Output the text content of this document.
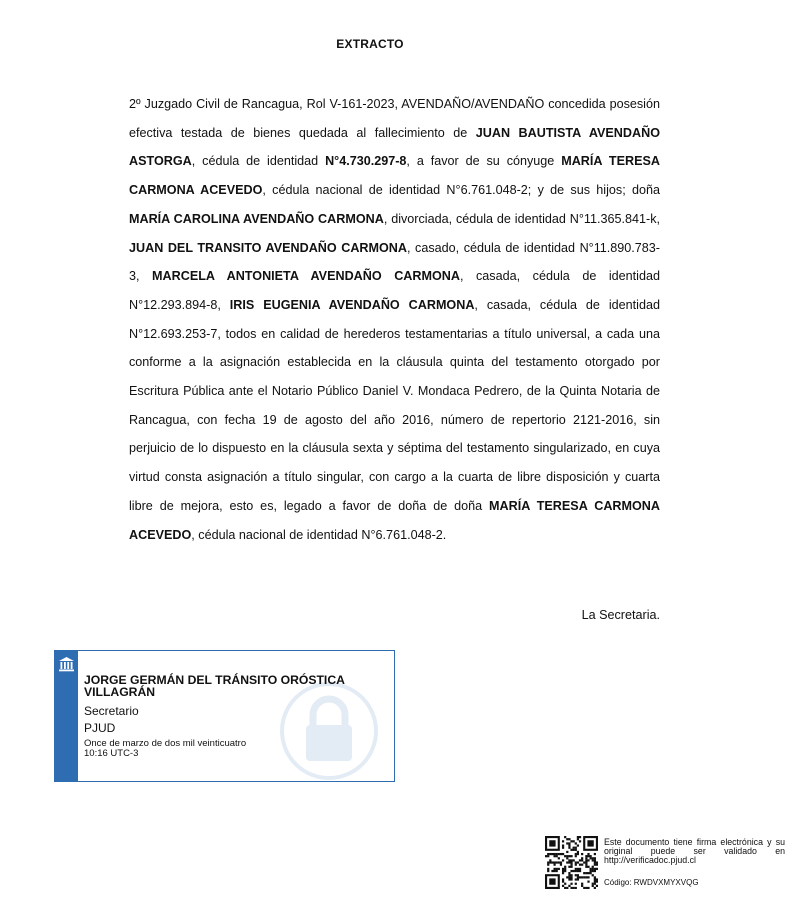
EXTRACTO
2º Juzgado Civil de Rancagua, Rol V-161-2023, AVENDAÑO/AVENDAÑO concedida posesión efectiva testada de bienes quedada al fallecimiento de JUAN BAUTISTA AVENDAÑO ASTORGA, cédula de identidad N°4.730.297-8, a favor de su cónyuge MARÍA TERESA CARMONA ACEVEDO, cédula nacional de identidad N°6.761.048-2; y de sus hijos; doña MARÍA CAROLINA AVENDAÑO CARMONA, divorciada, cédula de identidad N°11.365.841-k, JUAN DEL TRANSITO AVENDAÑO CARMONA, casado, cédula de identidad N°11.890.783-3, MARCELA ANTONIETA AVENDAÑO CARMONA, casada, cédula de identidad N°12.293.894-8, IRIS EUGENIA AVENDAÑO CARMONA, casada, cédula de identidad N°12.693.253-7, todos en calidad de herederos testamentarias a título universal, a cada una conforme a la asignación establecida en la cláusula quinta del testamento otorgado por Escritura Pública ante el Notario Público Daniel V. Mondaca Pedrero, de la Quinta Notaria de Rancagua, con fecha 19 de agosto del año 2016, número de repertorio 2121-2016, sin perjuicio de lo dispuesto en la cláusula sexta y séptima del testamento singularizado, en cuya virtud consta asignación a título singular, con cargo a la cuarta de libre disposición y cuarta libre de mejora, esto es, legado a favor de doña de doña MARÍA TERESA CARMONA ACEVEDO, cédula nacional de identidad N°6.761.048-2.
La Secretaria.
JORGE GERMÁN DEL TRÁNSITO ORÓSTICA VILLAGRÁN
Secretario
PJUD
Once de marzo de dos mil veinticuatro
10:16 UTC-3
Este documento tiene firma electrónica y su original puede ser validado en http://verificadoc.pjud.cl
Código: RWDVXMYXVQG
